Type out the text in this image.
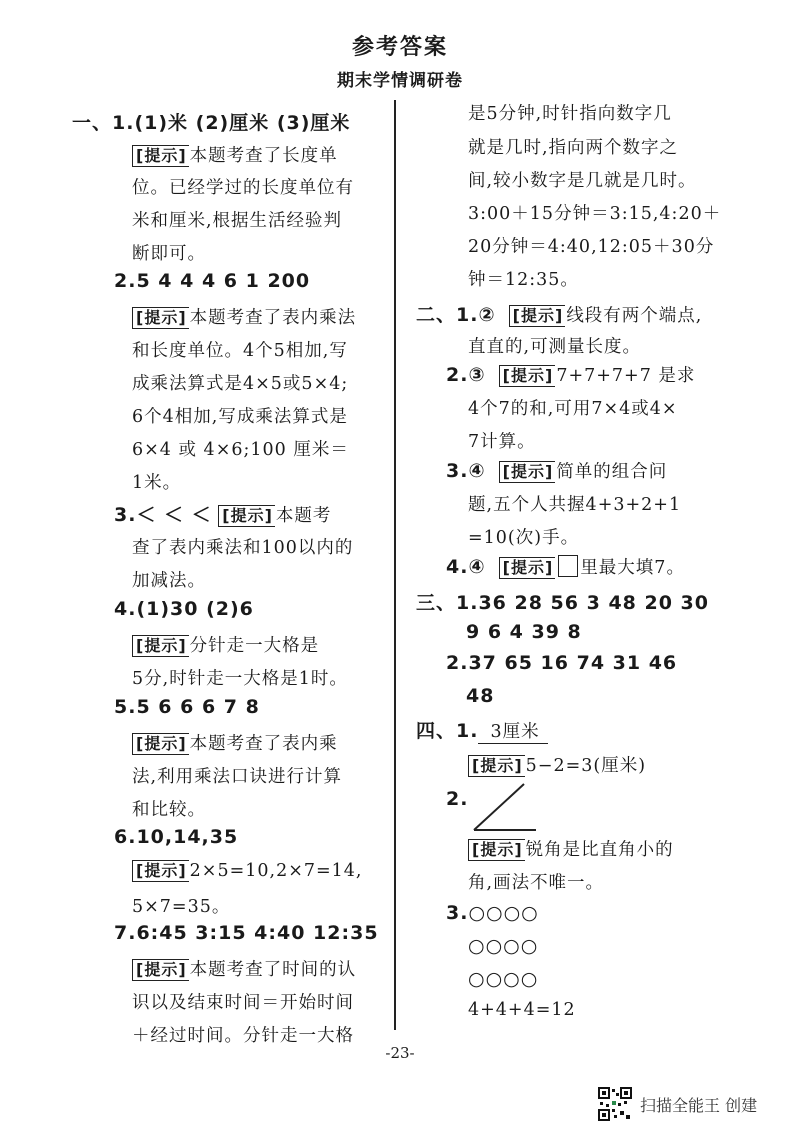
参考答案
期末学情调研卷
一、1.(1)米 (2)厘米 (3)厘米
[提示] 本题考查了长度单
位。已经学过的长度单位有
米和厘米,根据生活经验判
断即可。
2.5 4 4 4 6 1 200
[提示] 本题考查了表内乘法
和长度单位。4个5相加,写
成乘法算式是4×5或5×4;
6个4相加,写成乘法算式是
6×4 或 4×6;100 厘米＝
1米。
3.＜ ＜ ＜ [提示] 本题考
查了表内乘法和100以内的
加减法。
4.(1)30 (2)6
[提示] 分针走一大格是
5分,时针走一大格是1时。
5.5 6 6 6 7 8
[提示] 本题考查了表内乘
法,利用乘法口诀进行计算
和比较。
6.10,14,35
[提示] 2×5=10,2×7=14,
5×7=35。
7.6:45 3:15 4:40 12:35
[提示] 本题考查了时间的认
识以及结束时间＝开始时间
＋经过时间。分针走一大格
是5分钟,时针指向数字几
就是几时,指向两个数字之
间,较小数字是几就是几时。
3:00＋15分钟＝3:15,4:20＋
20分钟＝4:40,12:05＋30分
钟＝12:35。
二、1.② [提示] 线段有两个端点,
直直的,可测量长度。
2.③ [提示] 7+7+7+7 是求
4个7的和,可用7×4或4×
7计算。
3.④ [提示] 简单的组合问
题,五个人共握4+3+2+1
=10(次)手。
4.④ [提示] 里最大填7。
三、1.36 28 56 3 48 20 30
9 6 4 39 8
2.37 65 16 74 31 46
48
四、1. 3厘米
[提示] 5−2=3(厘米)
2.
[提示] 锐角是比直角小的
角,画法不唯一。
3.○○○○
○○○○
○○○○
4+4+4=12
-23-
扫描全能王 创建
